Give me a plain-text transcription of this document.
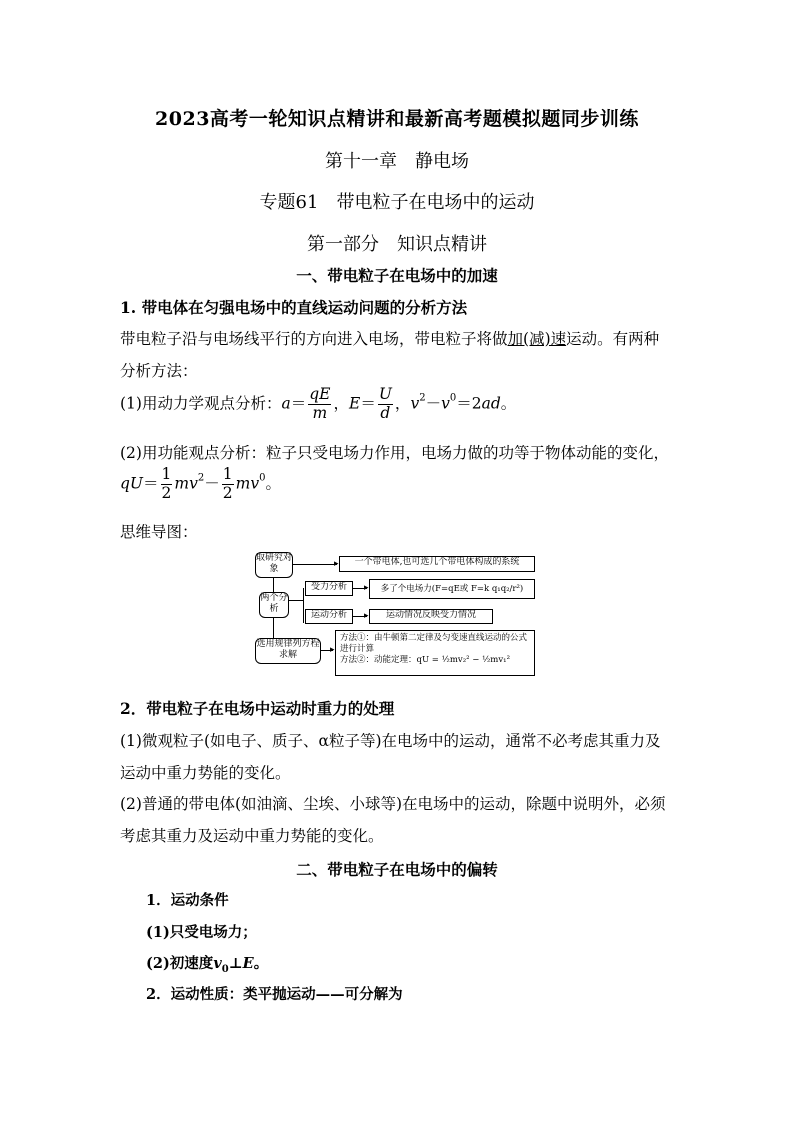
2023高考一轮知识点精讲和最新高考题模拟题同步训练
第十一章　静电场
专题61　带电粒子在电场中的运动
第一部分　知识点精讲
一、带电粒子在电场中的加速
1. 带电体在匀强电场中的直线运动问题的分析方法
带电粒子沿与电场线平行的方向进入电场，带电粒子将做加(减)速运动。有两种
分析方法：
(1)用动力学观点分析：$a= \frac{qE}{m}$ ，$E= \frac{U}{d}$ ，$v^2-v^0=2ad$。
(2)用功能观点分析：粒子只受电场力作用，电场力做的功等于物体动能的变化，
$qU= \frac{1}{2} mv^2- \frac{1}{2} mv^0$。
思维导图：
取研究对象	▸	一个带电体,也可选几个带电体构成的系统
两个分析
受力分析	▸	多了个电场力(F=qE或 F=k q₁q₂/r²)
运动分析	▸	运动情况反映受力情况
选用规律列方程求解	▸
方法①：由牛顿第二定律及匀变速直线运动的公式进行计算
方法②：动能定理：qU = ½mv₂² − ½mv₁²
2．带电粒子在电场中运动时重力的处理
(1)微观粒子(如电子、质子、α粒子等)在电场中的运动，通常不必考虑其重力及
运动中重力势能的变化。
(2)普通的带电体(如油滴、尘埃、小球等)在电场中的运动，除题中说明外，必须
考虑其重力及运动中重力势能的变化。
二、带电粒子在电场中的偏转
1．运动条件
(1)只受电场力；
(2)初速度$v_0\perp E$。
2．运动性质：类平抛运动——可分解为
